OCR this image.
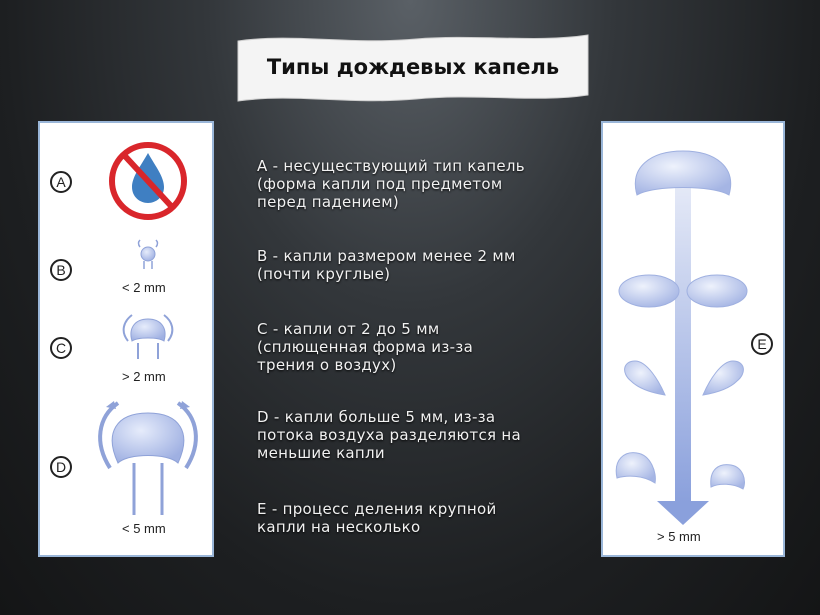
Типы дождевых капель
A
B
< 2 mm
C
> 2 mm
D
< 5 mm
A - несуществующий тип капель
(форма капли под предметом
перед падением)
B - капли размером менее 2 мм
(почти круглые)
C - капли от 2 до 5 мм
(сплющенная форма из-за
трения о воздух)
D - капли больше 5 мм, из-за
потока воздуха разделяются на
меньшие капли
E - процесс деления крупной
капли на несколько
E
> 5 mm
